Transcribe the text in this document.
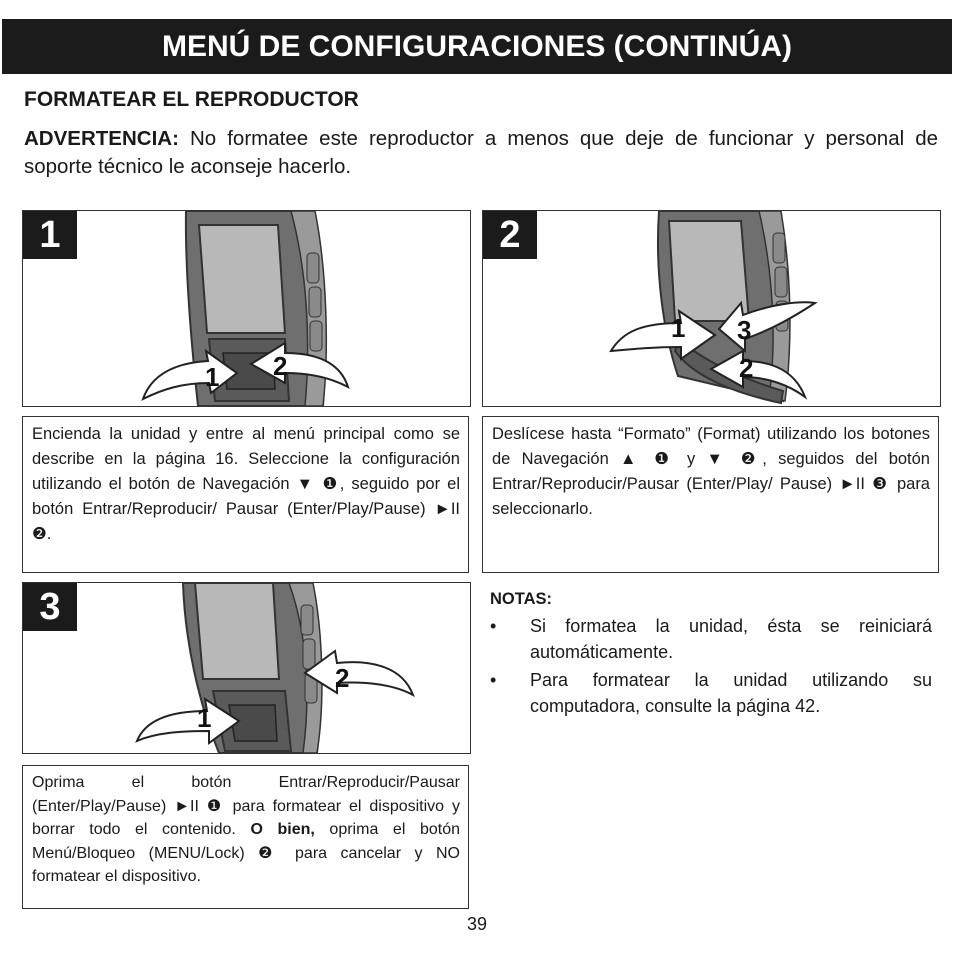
MENÚ DE CONFIGURACIONES (CONTINÚA)
FORMATEAR EL REPRODUCTOR
ADVERTENCIA: No formatee este reproductor a menos que deje de funcionar y personal de soporte técnico le aconseje hacerlo.
1 2
1
1 3
2
2
Encienda la unidad y entre al menú principal como se describe en la página 16. Seleccione la configuración utilizando el botón de Navegación ▼ ❶, seguido por el botón Entrar/Reproducir/ Pausar (Enter/Play/Pause) ►II ❷.
Deslícese hasta “Formato” (Format) utilizando los botones de Navegación ▲ ❶ y ▼ ❷, seguidos del botón Entrar/Reproducir/Pausar (Enter/Play/ Pause) ►II ❸ para seleccionarlo.
1
2
3
Oprima el botón Entrar/Reproducir/Pausar (Enter/Play/Pause) ►II ❶ para formatear el dispositivo y borrar todo el contenido. O bien, oprima el botón Menú/Bloqueo (MENU/Lock) ❷ para cancelar y NO formatear el dispositivo.
NOTAS:
• Si formatea la unidad, ésta se reiniciará automáticamente.
• Para formatear la unidad utilizando su computadora, consulte la página 42.
39
